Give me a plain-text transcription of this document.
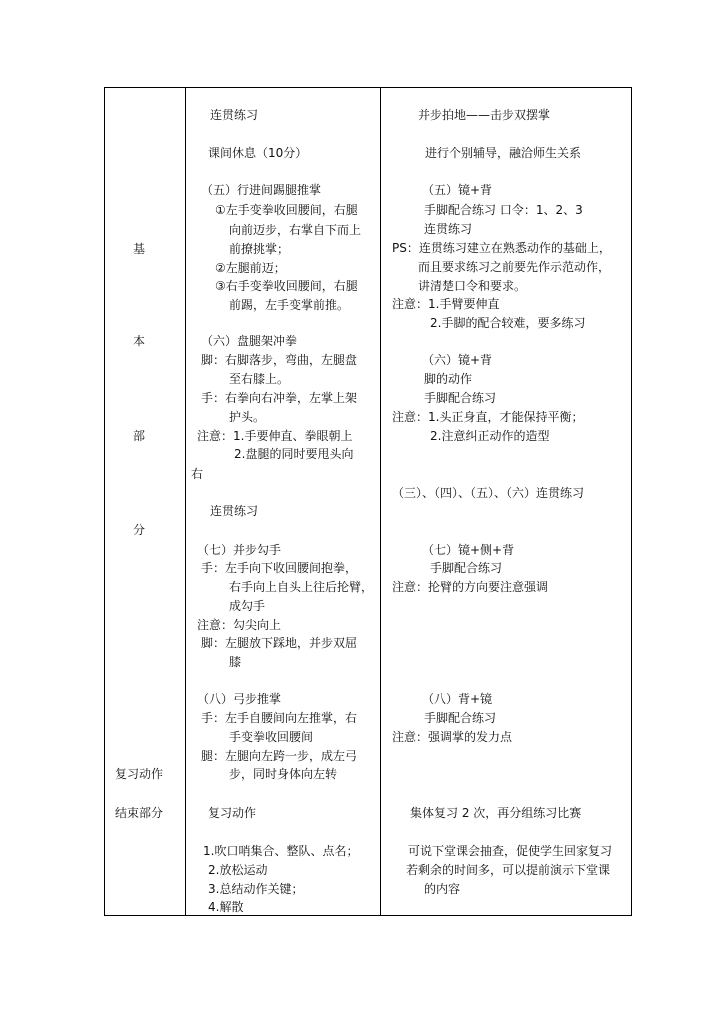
基
本
部
分
复习动作
结束部分
连贯练习
课间休息（10分）
（五）行进间踢腿推掌
①左手变拳收回腰间，右腿
向前迈步，右掌自下而上
前撩挑掌；
②左腿前迈；
③右手变拳收回腰间，右腿
前踢，左手变掌前推。
（六）盘腿架冲拳
脚：右脚落步，弯曲，左腿盘
至右膝上。
手：右拳向右冲拳，左掌上架
护头。
注意：1.手要伸直、拳眼朝上
2.盘腿的同时要甩头向
右
连贯练习
（七）并步勾手
手：左手向下收回腰间抱拳，
右手向上自头上往后抡臂，
成勾手
注意：勾尖向上
脚：左腿放下踩地，并步双屈
膝
（八）弓步推掌
手：左手自腰间向左推掌，右
手变拳收回腰间
腿：左腿向左跨一步，成左弓
步，同时身体向左转
复习动作
1.吹口哨集合、整队、点名；
2.放松运动
3.总结动作关键；
4.解散
并步拍地——击步双摆掌
进行个别辅导，融洽师生关系
（五）镜+背
手脚配合练习 口令：1、2、3
连贯练习
PS：连贯练习建立在熟悉动作的基础上，
而且要求练习之前要先作示范动作，
讲清楚口令和要求。
注意：1.手臂要伸直
2.手脚的配合较难，要多练习
（六）镜+背
脚的动作
手脚配合练习
注意：1.头正身直，才能保持平衡；
2.注意纠正动作的造型
（三）、（四）、（五）、（六）连贯练习
（七）镜+侧+背
手脚配合练习
注意：抡臂的方向要注意强调
（八）背+镜
手脚配合练习
注意：强调掌的发力点
集体复习 2 次，再分组练习比赛
可说下堂课会抽查，促使学生回家复习
若剩余的时间多，可以提前演示下堂课
的内容
